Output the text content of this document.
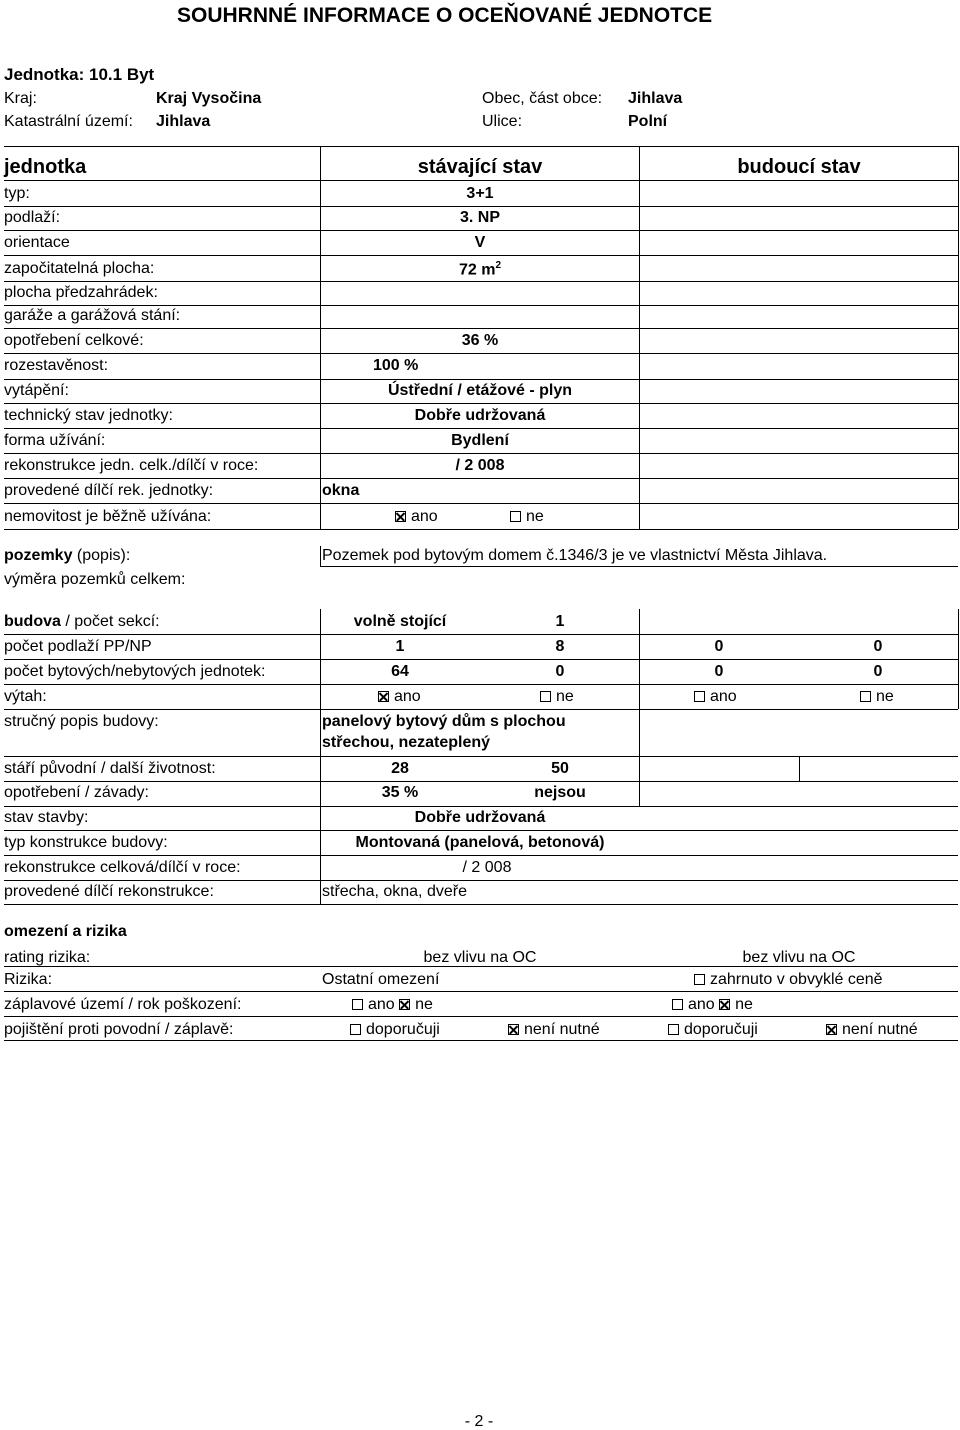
SOUHRNNÉ INFORMACE O OCEŇOVANÉ JEDNOTCE
Jednotka: 10.1 Byt
Kraj:	Kraj Vysočina	Obec, část obce: Jihlava
Katastrální území: Jihlava	Ulice:	Polní
jednotka	stávající stav	budoucí stav
typ:	3+1
podlaží:	3. NP
orientace	V
započitatelná plocha:	72 $m^2$
plocha předzahrádek:
garáže a garážová stání:
opotřebení celkové:	36 %
rozestavěnost:	100 %
vytápění:	Ústřední / etážové - plyn
technický stav jednotky:	Dobře udržovaná
forma užívání:	Bydlení
rekonstrukce jedn. celk./dílčí v roce:	/ 2 008
provedené dílčí rek. jednotky:	okna
nemovitost je běžně užívána:	ano	ne
pozemky (popis):	Pozemek pod bytovým domem č.1346/3 je ve vlastnictví Města Jihlava.
výměra pozemků celkem:
budova / počet sekcí:	volně stojící	1
počet podlaží PP/NP	1	8	0	0
počet bytových/nebytových jednotek:	64	0	0	0
výtah:	ano	ne	ano	ne
stručný popis budovy:	panelový bytový dům s plochou
střechou, nezateplený
stáří původní / další životnost:	28	50
opotřebení / závady:	35 %	nejsou
stav stavby:	Dobře udržovaná
typ konstrukce budovy:	Montovaná (panelová, betonová)
rekonstrukce celková/dílčí v roce:	/ 2 008
provedené dílčí rekonstrukce:	střecha, okna, dveře
omezení a rizika
rating rizika:	bez vlivu na OC	bez vlivu na OC
Rizika:	Ostatní omezení	zahrnuto v obvyklé ceně
záplavové území / rok poškození:	ano ne	ano ne
pojištění proti povodní / záplavě:	doporučuji	není nutné	doporučuji	není nutné
- 2 -
